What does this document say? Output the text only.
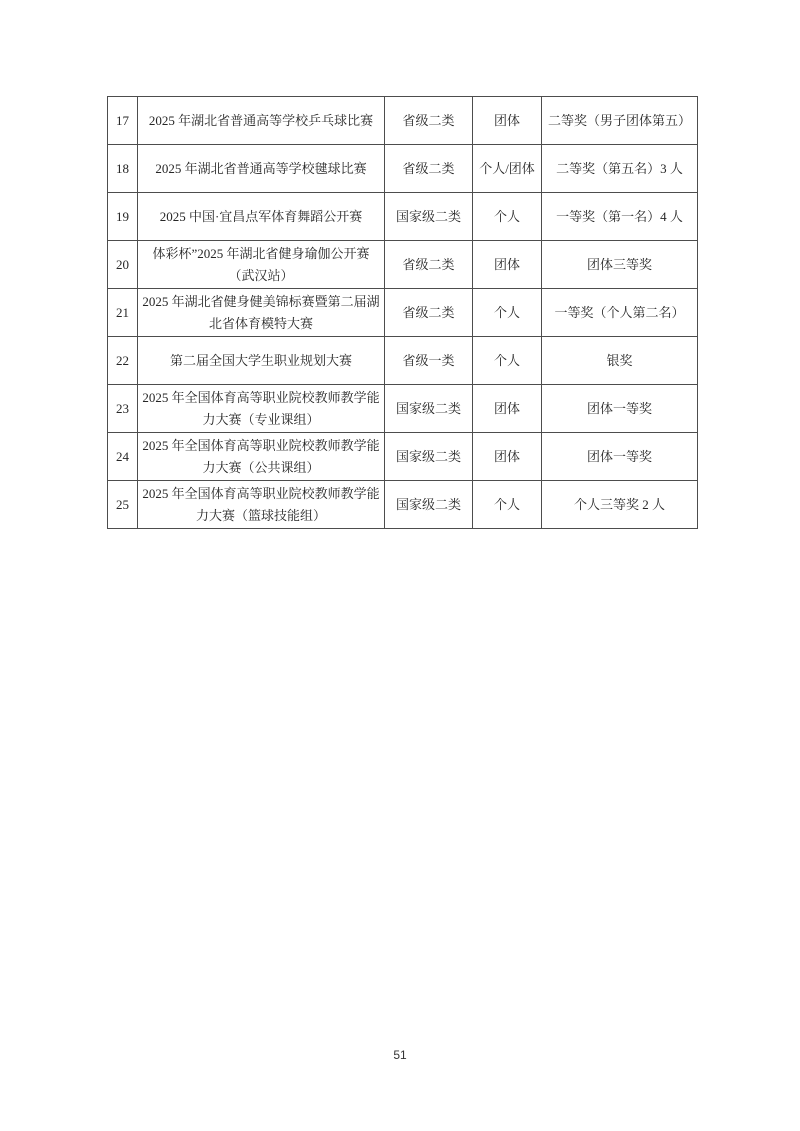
17	2025 年湖北省普通高等学校乒乓球比赛	省级二类	团体	二等奖（男子团体第五）
18	2025 年湖北省普通高等学校毽球比赛	省级二类	个人/团体	二等奖（第五名）3 人
19	2025 中国·宜昌点军体育舞蹈公开赛	国家级二类	个人	一等奖（第一名）4 人
20	体彩杯”2025 年湖北省健身瑜伽公开赛（武汉站）	省级二类	团体	团体三等奖
21	2025 年湖北省健身健美锦标赛暨第二届湖北省体育模特大赛	省级二类	个人	一等奖（个人第二名）
22	第二届全国大学生职业规划大赛	省级一类	个人	银奖
23	2025 年全国体育高等职业院校教师教学能力大赛（专业课组）	国家级二类	团体	团体一等奖
24	2025 年全国体育高等职业院校教师教学能力大赛（公共课组）	国家级二类	团体	团体一等奖
25	2025 年全国体育高等职业院校教师教学能力大赛（篮球技能组）	国家级二类	个人	个人三等奖 2 人
51
